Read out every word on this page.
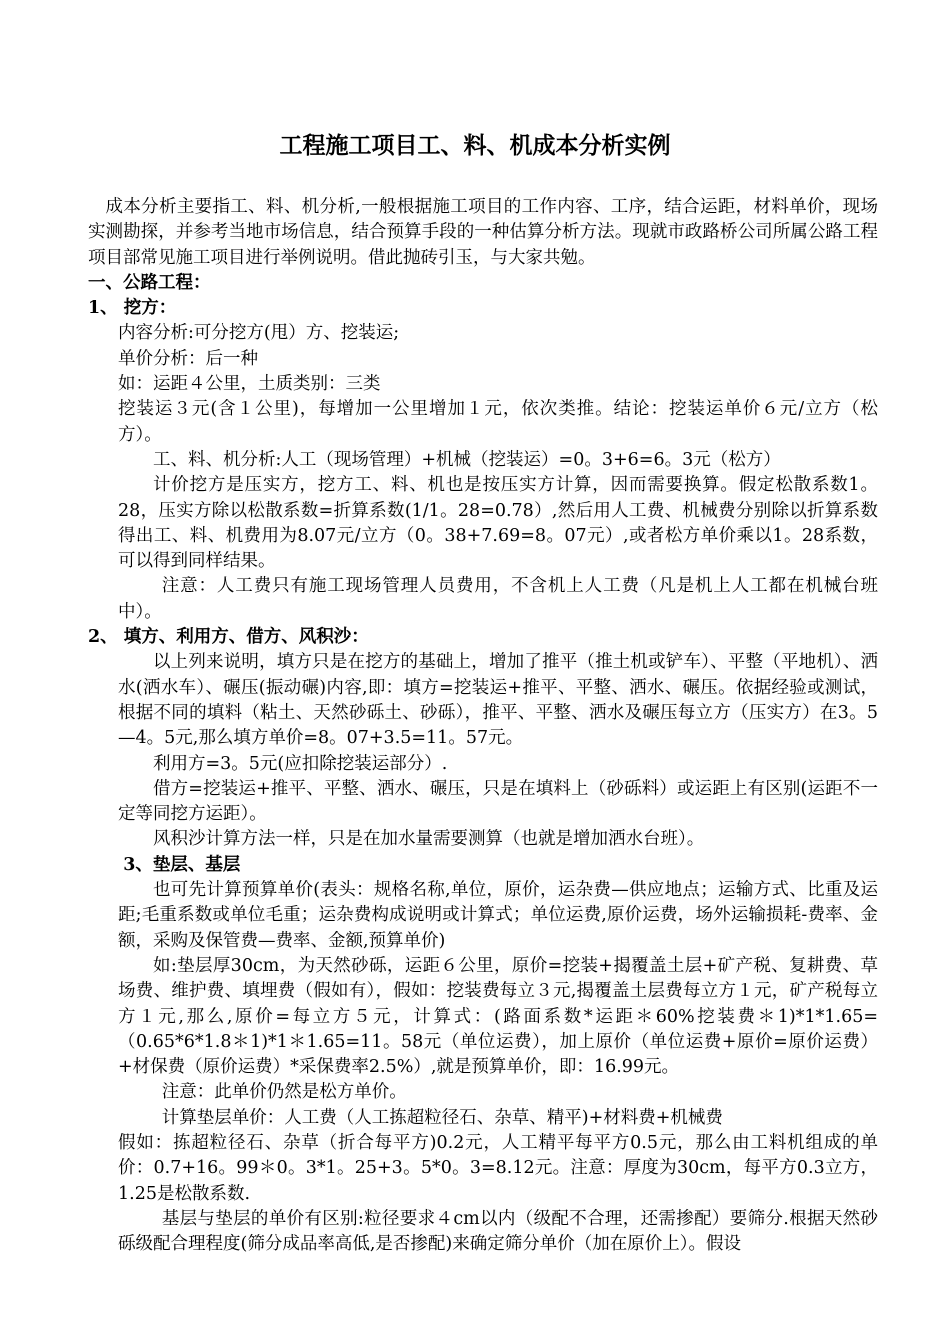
工程施工项目工、料、机成本分析实例

成本分析主要指工、料、机分析,一般根据施工项目的工作内容、工序，结合运距，材料单价，现场实测勘探，并参考当地市场信息，结合预算手段的一种估算分析方法。现就市政路桥公司所属公路工程项目部常见施工项目进行举例说明。借此抛砖引玉，与大家共勉。

一、公路工程：

1、 挖方：

内容分析:可分挖方(甩）方、挖装运;

单价分析：后一种

如：运距４公里，土质类别：三类

挖装运３元(含１公里)，每增加一公里增加１元，依次类推。结论：挖装运单价６元/立方（松方）。

工、料、机分析:人工（现场管理）+机械（挖装运）=0。3+6=6。3元（松方）

计价挖方是压实方，挖方工、料、机也是按压实方计算，因而需要换算。假定松散系数1。28，压实方除以松散系数=折算系数(1/1。28=0.78）,然后用人工费、机械费分别除以折算系数得出工、料、机费用为8.07元/立方（0。38+7.69=8。07元）,或者松方单价乘以1。28系数，可以得到同样结果。

注意：人工费只有施工现场管理人员费用，不含机上人工费（凡是机上人工都在机械台班中）。

2、 填方、利用方、借方、风积沙：

以上列来说明，填方只是在挖方的基础上，增加了推平（推土机或铲车）、平整（平地机）、洒水(洒水车）、碾压(振动碾)内容,即：填方=挖装运+推平、平整、洒水、碾压。依据经验或测试，根据不同的填料（粘土、天然砂砾土、砂砾），推平、平整、洒水及碾压每立方（压实方）在3。5—4。5元,那么填方单价=8。07+3.5=11。57元。

利用方=3。5元(应扣除挖装运部分）.

借方=挖装运+推平、平整、洒水、碾压，只是在填料上（砂砾料）或运距上有区别(运距不一定等同挖方运距）。

风积沙计算方法一样，只是在加水量需要测算（也就是增加洒水台班）。

3、垫层、基层

也可先计算预算单价(表头：规格名称,单位，原价，运杂费—供应地点；运输方式、比重及运距;毛重系数或单位毛重；运杂费构成说明或计算式；单位运费,原价运费，场外运输损耗-费率、金额，采购及保管费—费率、金额,预算单价)

如:垫层厚30cm，为天然砂砾，运距６公里，原价=挖装+揭覆盖土层+矿产税、复耕费、草场费、维护费、填埋费（假如有），假如：挖装费每立３元,揭覆盖土层费每立方１元，矿产税每立方１元,那么,原价=每立方５元，计算式：(路面系数*运距＊60%挖装费＊1)*1*1.65=（0.65*6*1.8＊1)*1＊1.65=11。58元（单位运费），加上原价（单位运费+原价=原价运费）+材保费（原价运费）*采保费率2.5%）,就是预算单价，即：16.99元。

注意：此单价仍然是松方单价。

计算垫层单价：人工费（人工拣超粒径石、杂草、精平)+材料费+机械费

假如：拣超粒径石、杂草（折合每平方)0.2元，人工精平每平方0.5元，那么由工料机组成的单价：0.7+16。99＊0。3*1。25+3。5*0。3=8.12元。注意：厚度为30cm，每平方0.3立方，1.25是松散系数.

基层与垫层的单价有区别:粒径要求４cm以内（级配不合理，还需掺配）要筛分.根据天然砂砾级配合理程度(筛分成品率高低,是否掺配)来确定筛分单价（加在原价上）。假设
